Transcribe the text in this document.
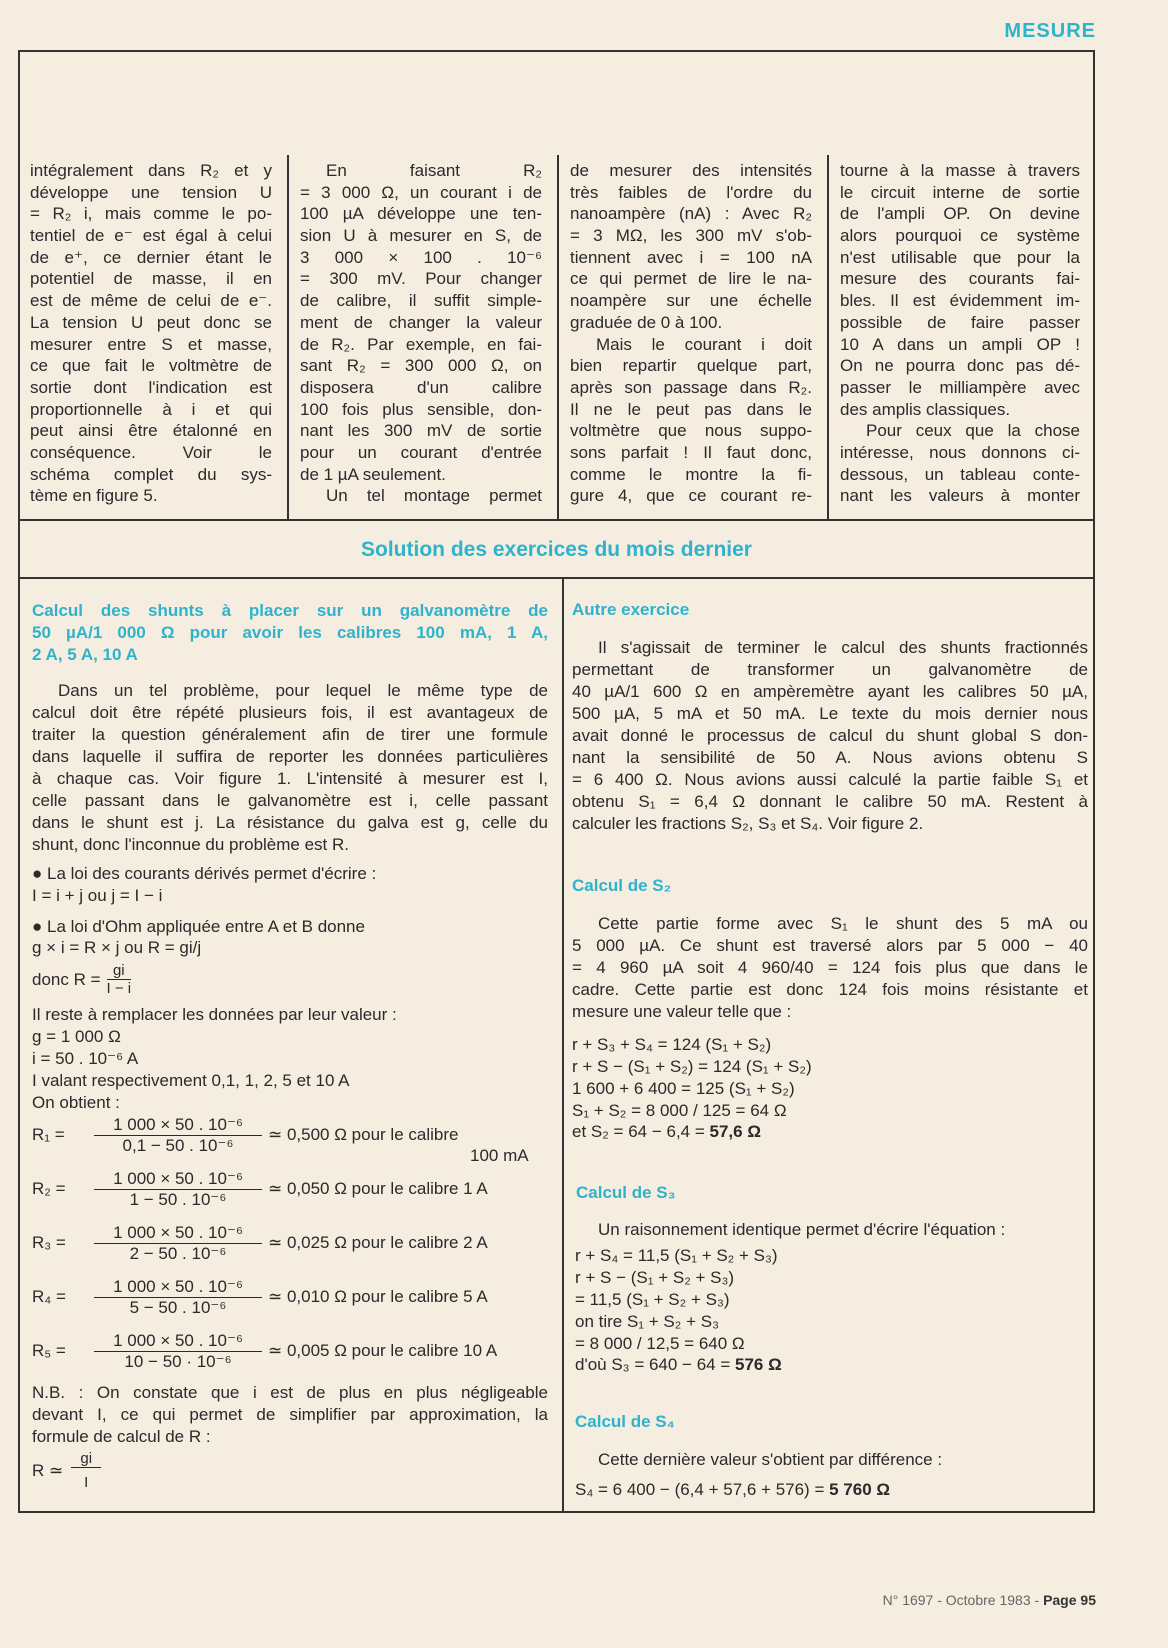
MESURE
intégralement dans R₂ et y
développe une tension U
= R₂ i, mais comme le po-
tentiel de e⁻ est égal à celui
de e⁺, ce dernier étant le
potentiel de masse, il en
est de même de celui de e⁻.
La tension U peut donc se
mesurer entre S et masse,
ce que fait le voltmètre de
sortie dont l'indication est
proportionnelle à i et qui
peut ainsi être étalonné en
conséquence. Voir le
schéma complet du sys-
tème en figure 5.
En faisant R₂
= 3 000 Ω, un courant i de
100 µA développe une ten-
sion U à mesurer en S, de
3 000 × 100 . 10⁻⁶
= 300 mV. Pour changer
de calibre, il suffit simple-
ment de changer la valeur
de R₂. Par exemple, en fai-
sant R₂ = 300 000 Ω, on
disposera d'un calibre
100 fois plus sensible, don-
nant les 300 mV de sortie
pour un courant d'entrée
de 1 µA seulement.
Un tel montage permet
de mesurer des intensités
très faibles de l'ordre du
nanoampère (nA) : Avec R₂
= 3 MΩ, les 300 mV s'ob-
tiennent avec i = 100 nA
ce qui permet de lire le na-
noampère sur une échelle
graduée de 0 à 100.
Mais le courant i doit
bien repartir quelque part,
après son passage dans R₂.
Il ne le peut pas dans le
voltmètre que nous suppo-
sons parfait ! Il faut donc,
comme le montre la fi-
gure 4, que ce courant re-
tourne à la masse à travers
le circuit interne de sortie
de l'ampli OP. On devine
alors pourquoi ce système
n'est utilisable que pour la
mesure des courants fai-
bles. Il est évidemment im-
possible de faire passer
10 A dans un ampli OP !
On ne pourra donc pas dé-
passer le milliampère avec
des amplis classiques.
Pour ceux que la chose
intéresse, nous donnons ci-
dessous, un tableau conte-
nant les valeurs à monter
Solution des exercices du mois dernier
Calcul des shunts à placer sur un galvanomètre de
50 µA/1 000 Ω pour avoir les calibres 100 mA, 1 A,
2 A, 5 A, 10 A
Dans un tel problème, pour lequel le même type de
calcul doit être répété plusieurs fois, il est avantageux de
traiter la question généralement afin de tirer une formule
dans laquelle il suffira de reporter les données particulières
à chaque cas. Voir figure 1. L'intensité à mesurer est I,
celle passant dans le galvanomètre est i, celle passant
dans le shunt est j. La résistance du galva est g, celle du
shunt, donc l'inconnue du problème est R.
● La loi des courants dérivés permet d'écrire :
I = i + j ou j = I − i
● La loi d'Ohm appliquée entre A et B donne
g × i = R × j ou R = gi/j
donc $R = \frac{gi}{I - i}$
Il reste à remplacer les données par leur valeur :
g = 1 000 Ω
i = 50 . 10⁻⁶ A
I valant respectivement 0,1, 1, 2, 5 et 10 A
On obtient :
R₁ =	$\frac{\text{1 000 × 50 . 10⁻⁶}}{\text{0,1 − 50 . 10⁻⁶}}$ ≃ 0,500 Ω pour le calibre
100 mA
R₂ =	$\frac{\text{1 000 × 50 . 10⁻⁶}}{\text{1 − 50 . 10⁻⁶}}$ ≃ 0,050 Ω pour le calibre 1 A
R₃ =	$\frac{\text{1 000 × 50 . 10⁻⁶}}{\text{2 − 50 . 10⁻⁶}}$ ≃ 0,025 Ω pour le calibre 2 A
R₄ =	$\frac{\text{1 000 × 50 . 10⁻⁶}}{\text{5 − 50 . 10⁻⁶}}$ ≃ 0,010 Ω pour le calibre 5 A
R₅ =	$\frac{\text{1 000 × 50 . 10⁻⁶}}{\text{10 − 50 · 10⁻⁶}}$ ≃ 0,005 Ω pour le calibre 10 A
N.B. : On constate que i est de plus en plus négligeable
devant I, ce qui permet de simplifier par approximation, la
formule de calcul de R :
R ≃ $\frac{gi}{I}$
Autre exercice
Il s'agissait de terminer le calcul des shunts fractionnés
permettant de transformer un galvanomètre de
40 µA/1 600 Ω en ampèremètre ayant les calibres 50 µA,
500 µA, 5 mA et 50 mA. Le texte du mois dernier nous
avait donné le processus de calcul du shunt global S don-
nant la sensibilité de 50 A. Nous avions obtenu S
= 6 400 Ω. Nous avions aussi calculé la partie faible S₁ et
obtenu S₁ = 6,4 Ω donnant le calibre 50 mA. Restent à
calculer les fractions S₂, S₃ et S₄. Voir figure 2.
Calcul de S₂
Cette partie forme avec S₁ le shunt des 5 mA ou
5 000 µA. Ce shunt est traversé alors par 5 000 − 40
= 4 960 µA soit 4 960/40 = 124 fois plus que dans le
cadre. Cette partie est donc 124 fois moins résistante et
mesure une valeur telle que :
r + S₃ + S₄ = 124 (S₁ + S₂)
r + S − (S₁ + S₂) = 124 (S₁ + S₂)
1 600 + 6 400 = 125 (S₁ + S₂)
S₁ + S₂ = 8 000 / 125 = 64 Ω
et S₂ = 64 − 6,4 = 57,6 Ω
Calcul de S₃
Un raisonnement identique permet d'écrire l'équation :
r + S₄ = 11,5 (S₁ + S₂ + S₃)
r + S − (S₁ + S₂ + S₃)
= 11,5 (S₁ + S₂ + S₃)
on tire S₁ + S₂ + S₃
= 8 000 / 12,5 = 640 Ω
d'où S₃ = 640 − 64 = 576 Ω
Calcul de S₄
Cette dernière valeur s'obtient par différence :
S₄ = 6 400 − (6,4 + 57,6 + 576) = 5 760 Ω
N° 1697 - Octobre 1983 - Page 95
